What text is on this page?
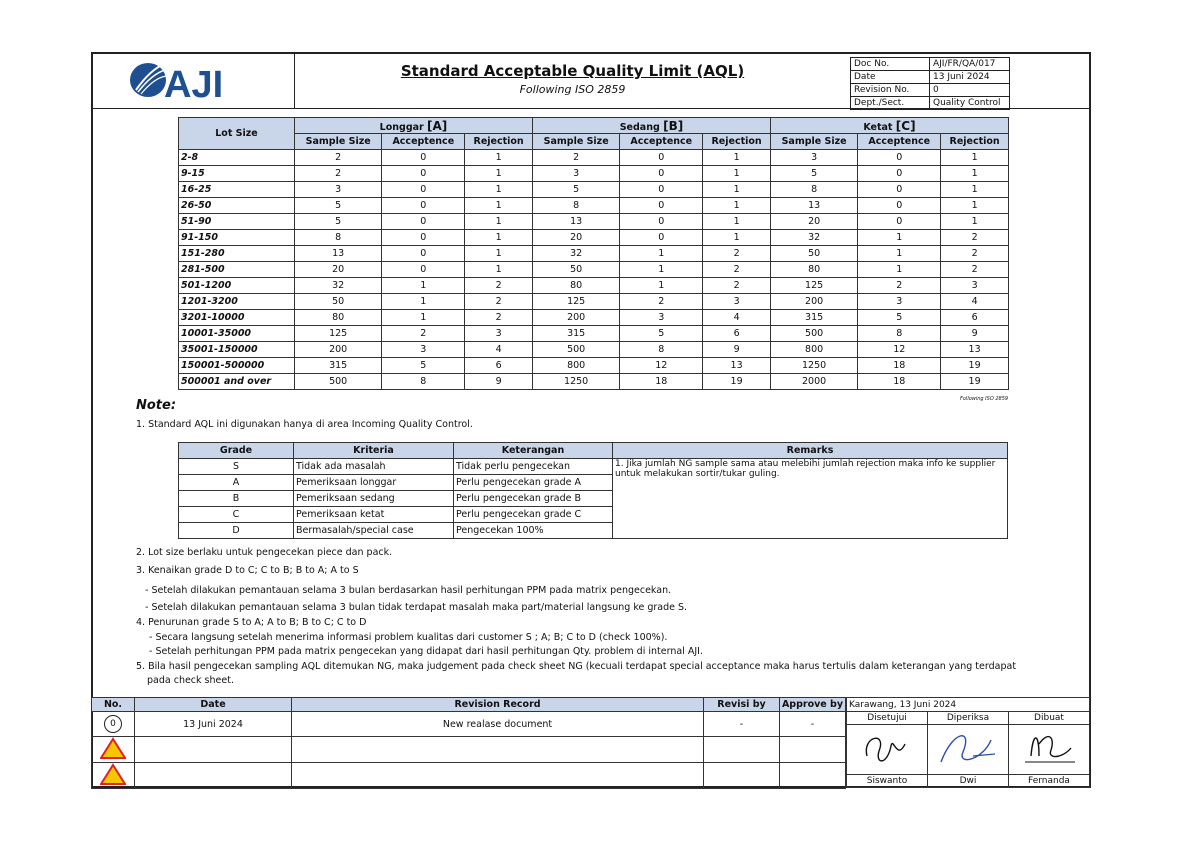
AJI	Standard Acceptable Quality Limit (AQL)
Following ISO 2859
Doc No.	AJI/FR/QA/017
Date	13 Juni 2024
Revision No.	0
Dept./Sect.	Quality Control
Lot Size	Longgar [A]			Sedang [B]			Ketat [C]		
	Sample Size	Acceptence	Rejection	Sample Size	Acceptence	Rejection	Sample Size	Acceptence	Rejection
2-8	2	0	1	2	0	1	3	0	1
9-15	2	0	1	3	0	1	5	0	1
16-25	3	0	1	5	0	1	8	0	1
26-50	5	0	1	8	0	1	13	0	1
51-90	5	0	1	13	0	1	20	0	1
91-150	8	0	1	20	0	1	32	1	2
151-280	13	0	1	32	1	2	50	1	2
281-500	20	0	1	50	1	2	80	1	2
501-1200	32	1	2	80	1	2	125	2	3
1201-3200	50	1	2	125	2	3	200	3	4
3201-10000	80	1	2	200	3	4	315	5	6
10001-35000	125	2	3	315	5	6	500	8	9
35001-150000	200	3	4	500	8	9	800	12	13
150001-500000	315	5	6	800	12	13	1250	18	19
500001 and over	500	8	9	1250	18	19	2000	18	19
Following ISO 2859
Note:
1. Standard AQL ini digunakan hanya di area Incoming Quality Control.
Grade	Kriteria	Keterangan	Remarks
S	Tidak ada masalah	Tidak perlu pengecekan	1. Jika jumlah NG sample sama atau melebihi jumlah rejection maka info ke supplier untuk melakukan sortir/tukar guling.
A	Pemeriksaan longgar	Perlu pengecekan grade A	
B	Pemeriksaan sedang	Perlu pengecekan grade B	
C	Pemeriksaan ketat	Perlu pengecekan grade C	
D	Bermasalah/special case	Pengecekan 100%	
2. Lot size berlaku untuk pengecekan piece dan pack.
3. Kenaikan grade D to C; C to B; B to A; A to S
- Setelah dilakukan pemantauan selama 3 bulan berdasarkan hasil perhitungan PPM pada matrix pengecekan.
- Setelah dilakukan pemantauan selama 3 bulan tidak terdapat masalah maka part/material langsung ke grade S.
4. Penurunan grade S to A; A to B; B to C; C to D
- Secara langsung setelah menerima informasi problem kualitas dari customer S ; A; B; C to D (check 100%).
- Setelah perhitungan PPM pada matrix pengecekan yang didapat dari hasil perhitungan Qty. problem di internal AJI.
5. Bila hasil pengecekan sampling AQL ditemukan NG, maka judgement pada check sheet NG (kecuali terdapat special acceptance maka harus tertulis dalam keterangan yang terdapat
pada check sheet.
No.	Date	Revision Record	Revisi by	Approve by
0	13 Juni 2024	New realase document	-	-

Karawang, 13 Juni 2024		
Disetujui	Diperiksa	Dibuat

Siswanto	Dwi	Fernanda
